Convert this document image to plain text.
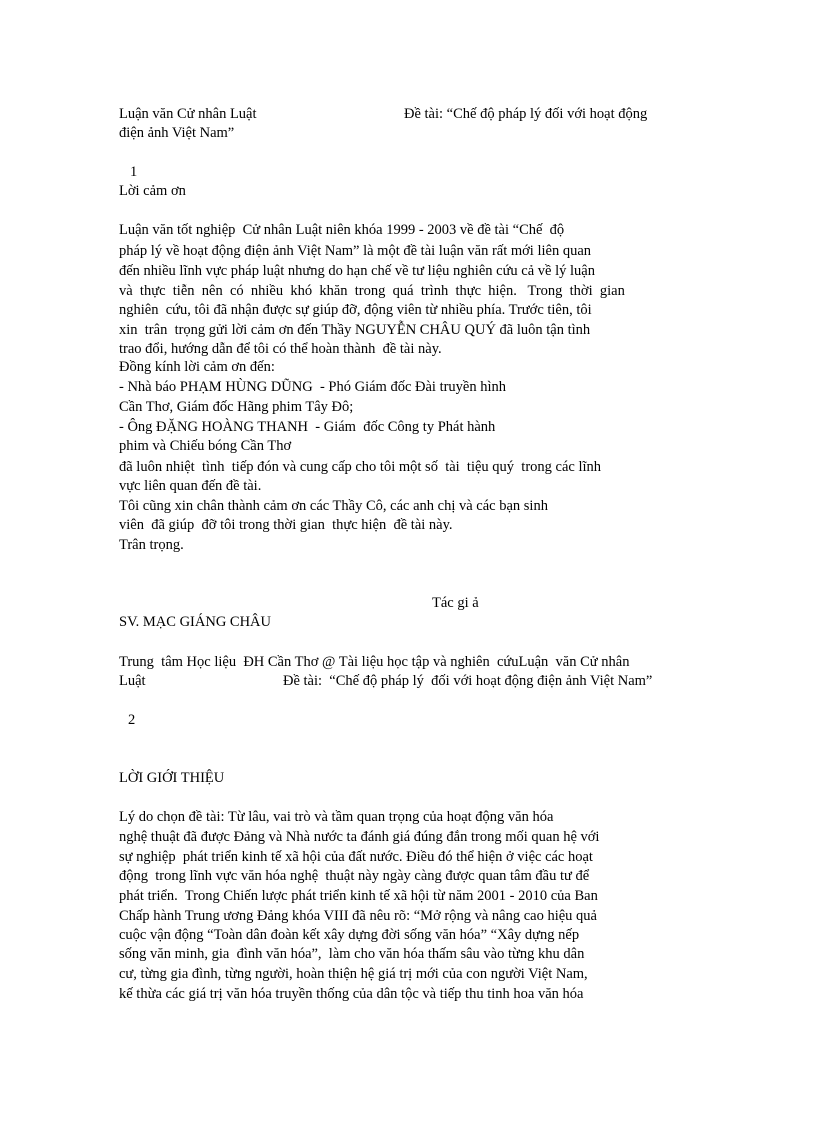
Luận văn Cử nhân Luật	Đề tài: “Chế độ pháp lý đối với hoạt động
điện ảnh Việt Nam”
1
Lời cảm ơn
Luận văn tốt nghiệp  Cử nhân Luật niên khóa 1999 - 2003 về đề tài “Chế  độ
pháp lý về hoạt động điện ảnh Việt Nam” là một đề tài luận văn rất mới liên quan
đến nhiều lĩnh vực pháp luật nhưng do hạn chế về tư liệu nghiên cứu cả về lý luận
và  thực  tiễn  nên  có  nhiều  khó  khăn  trong  quá  trình  thực  hiện.   Trong  thời  gian
nghiên  cứu, tôi đã nhận được sự giúp đỡ, động viên từ nhiều phía. Trước tiên, tôi
xin  trân  trọng gửi lời cảm ơn đến Thầy NGUYỄN CHÂU QUÝ đã luôn tận tình
trao đổi, hướng dẫn để tôi có thể hoàn thành  đề tài này.
Đồng kính lời cảm ơn đến:
- Nhà báo PHẠM HÙNG DŨNG  - Phó Giám đốc Đài truyền hình
Cần Thơ, Giám đốc Hãng phim Tây Đô;
- Ông ĐẶNG HOÀNG THANH  - Giám  đốc Công ty Phát hành
phim và Chiếu bóng Cần Thơ
đã luôn nhiệt  tình  tiếp đón và cung cấp cho tôi một số  tài  tiệu quý  trong các lĩnh
vực liên quan đến đề tài.
Tôi cũng xin chân thành cảm ơn các Thầy Cô, các anh chị và các bạn sinh
viên  đã giúp  đỡ tôi trong thời gian  thực hiện  đề tài này.
Trân trọng.
Tác gi ả
SV. MẠC GIÁNG CHÂU
Trung  tâm Học liệu  ĐH Cần Thơ @ Tài liệu học tập và nghiên  cứuLuận  văn Cử nhân
Luật	Đề tài:  “Chế độ pháp lý  đối với hoạt động điện ảnh Việt Nam”
2
LỜI GIỚI THIỆU
Lý do chọn đề tài: Từ lâu, vai trò và tầm quan trọng của hoạt động văn hóa
nghệ thuật đã được Đảng và Nhà nước ta đánh giá đúng đắn trong mối quan hệ với
sự nghiệp  phát triển kinh tế xã hội của đất nước. Điều đó thể hiện ở việc các hoạt
động  trong lĩnh vực văn hóa nghệ  thuật này ngày càng được quan tâm đầu tư để
phát triển.  Trong Chiến lược phát triển kinh tế xã hội từ năm 2001 - 2010 của Ban
Chấp hành Trung ương Đảng khóa VIII đã nêu rõ: “Mở rộng và nâng cao hiệu quả
cuộc vận động “Toàn dân đoàn kết xây dựng đời sống văn hóa” “Xây dựng nếp
sống văn minh, gia  đình văn hóa”,  làm cho văn hóa thấm sâu vào từng khu dân
cư, từng gia đình, từng người, hoàn thiện hệ giá trị mới của con người Việt Nam,
kế thừa các giá trị văn hóa truyền thống của dân tộc và tiếp thu tinh hoa văn hóa
